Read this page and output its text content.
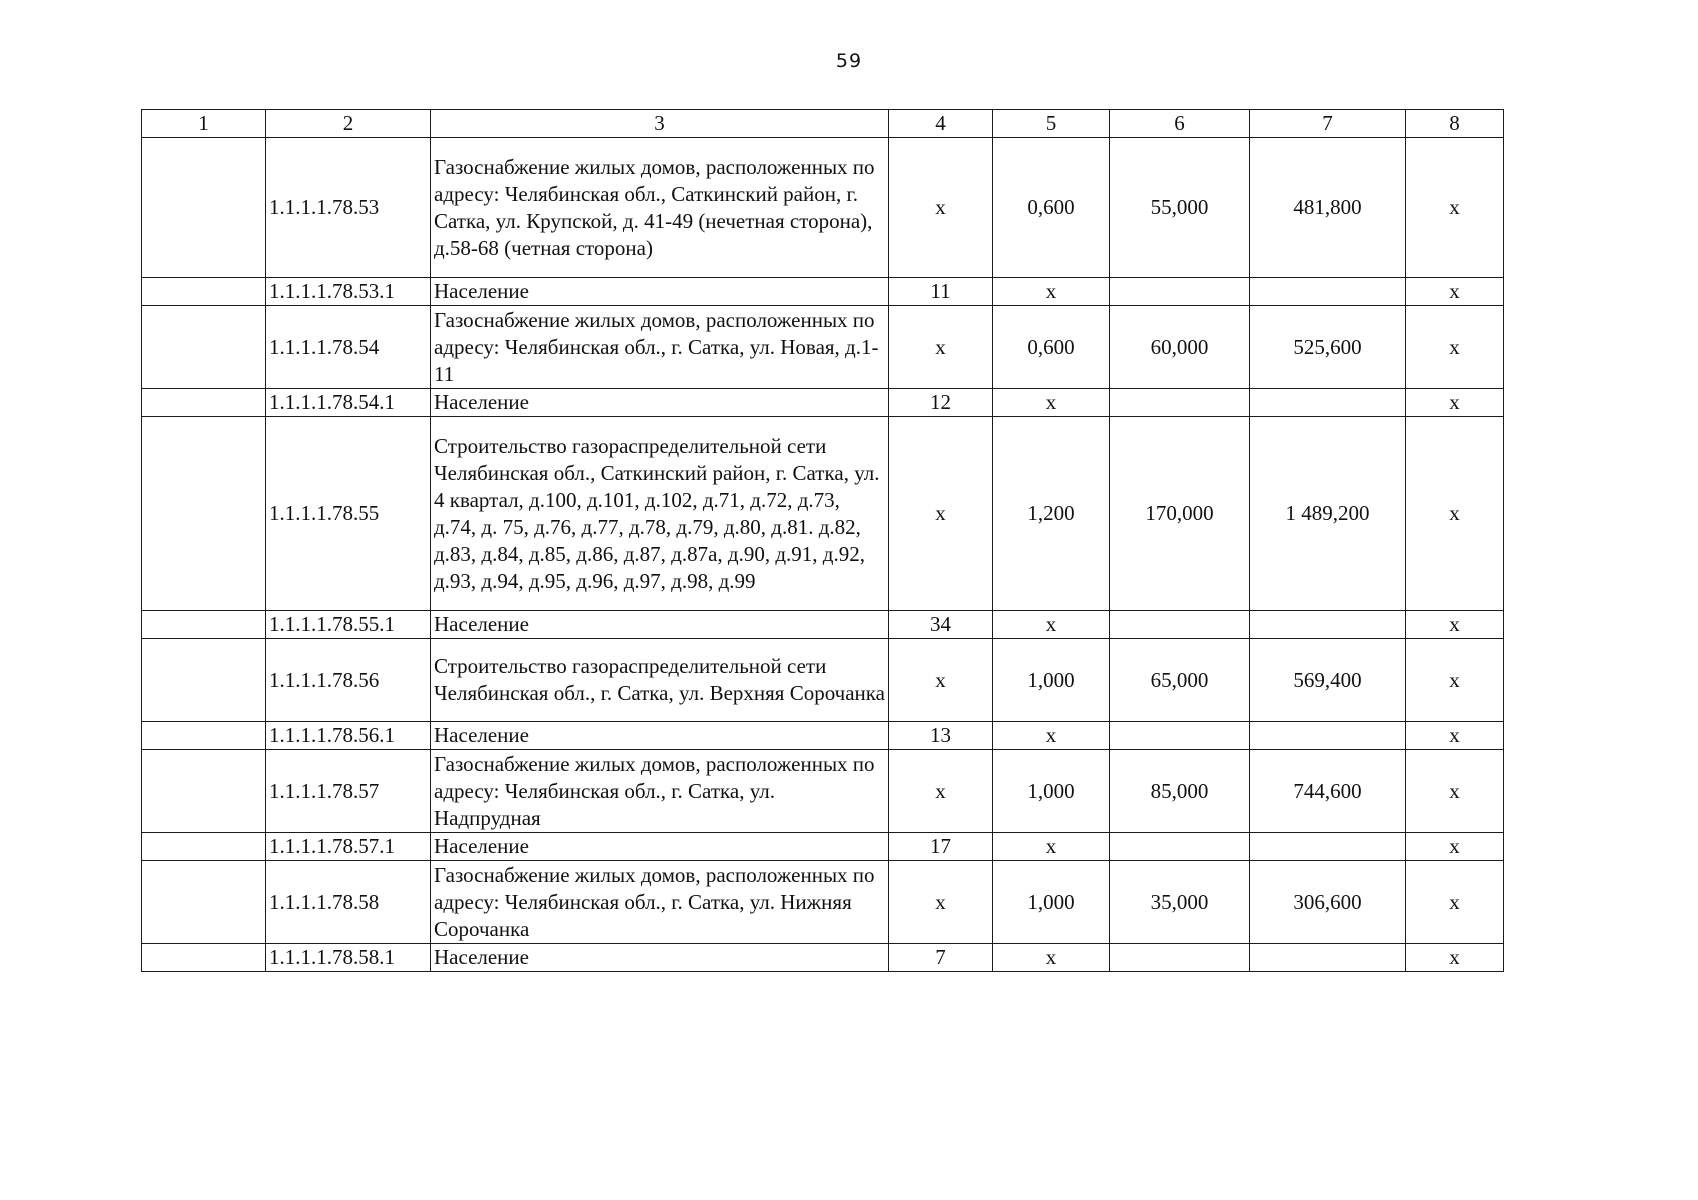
59
1	2	3	4	5	6	7	8
	1.1.1.1.78.53	Газоснабжение жилых домов, расположенных по адресу: Челябинская обл., Саткинский район, г. Сатка, ул. Крупской, д. 41-49 (нечетная сторона), д.58-68 (четная сторона)	х	0,600	55,000	481,800	х
	1.1.1.1.78.53.1	Население	11	х			х
	1.1.1.1.78.54	Газоснабжение жилых домов, расположенных по адресу: Челябинская обл., г. Сатка, ул. Новая, д.1-11	х	0,600	60,000	525,600	х
	1.1.1.1.78.54.1	Население	12	х			х
	1.1.1.1.78.55	Строительство газораспределительной сети Челябинская обл., Саткинский район, г. Сатка, ул. 4 квартал, д.100, д.101, д.102, д.71, д.72, д.73, д.74, д. 75, д.76, д.77, д.78, д.79, д.80, д.81. д.82, д.83, д.84, д.85, д.86, д.87, д.87а, д.90, д.91, д.92, д.93, д.94, д.95, д.96, д.97, д.98, д.99	х	1,200	170,000	1 489,200	х
	1.1.1.1.78.55.1	Население	34	х			х
	1.1.1.1.78.56	Строительство газораспределительной сети Челябинская обл., г. Сатка, ул. Верхняя Сорочанка	х	1,000	65,000	569,400	х
	1.1.1.1.78.56.1	Население	13	х			х
	1.1.1.1.78.57	Газоснабжение жилых домов, расположенных по адресу: Челябинская обл., г. Сатка, ул. Надпрудная	х	1,000	85,000	744,600	х
	1.1.1.1.78.57.1	Население	17	х			х
	1.1.1.1.78.58	Газоснабжение жилых домов, расположенных по адресу: Челябинская обл., г. Сатка, ул. Нижняя Сорочанка	х	1,000	35,000	306,600	х
	1.1.1.1.78.58.1	Население	7	х			х
